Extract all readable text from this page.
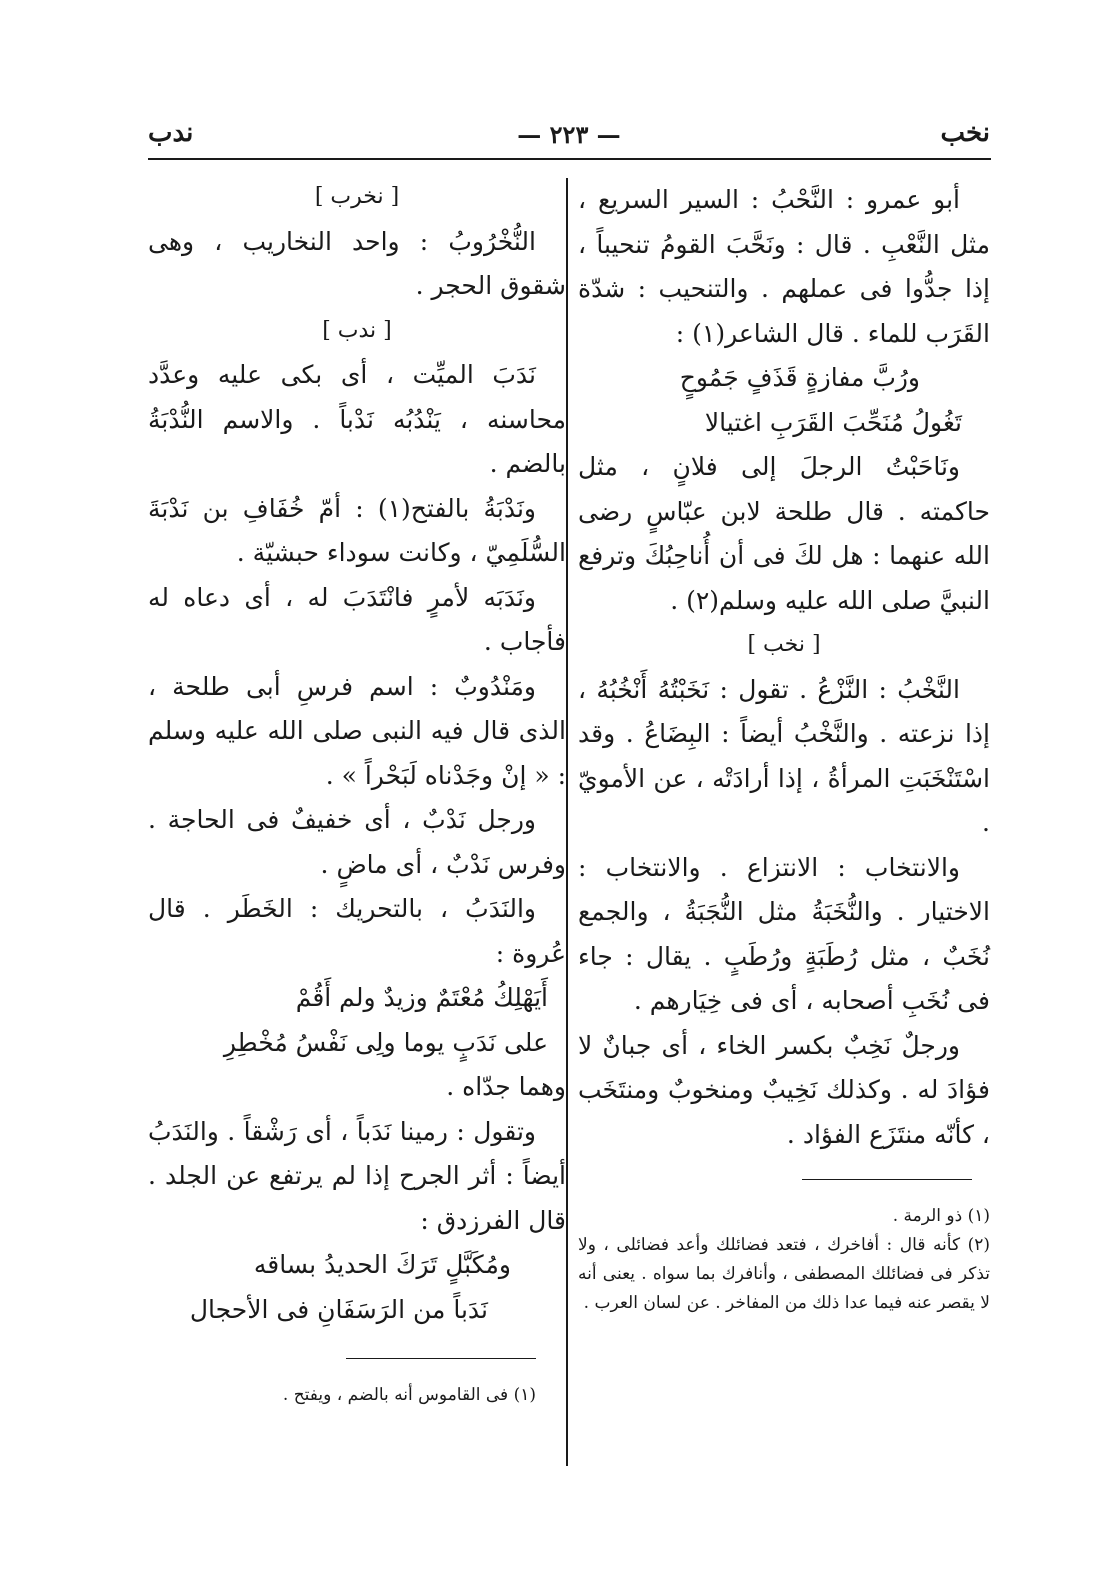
نخب
— ٢٢٣ —
ندب

أبو عمرو : النَّحْبُ : السير السريع ، مثل النَّعْبِ . قال : ونَحَّبَ القومُ تنحيباً ، إذا جدُّوا فى عملهم . والتنحيب : شدّة القَرَب للماء . قال الشاعر(١) :

ورُبَّ مفازةٍ قَذَفٍ جَمُوحٍ

تَغُولُ مُنَحِّبَ القَرَبِ اغتيالا

ونَاحَبْتُ الرجلَ إلى فلانٍ ، مثل حاكمته . قال طلحة لابن عبّاسٍ رضى الله عنهما : هل لكَ فى أن أُناحِبُكَ وترفع النبيَّ صلى الله عليه وسلم(٢) .

[ نخب ]

النَّخْبُ : النَّزْعُ . تقول : نَخَبْتُهُ أَنْخُبُهُ ، إذا نزعته . والنَّخْبُ أيضاً : البِضَاعُ . وقد اسْتَنْخَبَتِ المرأةُ ، إذا أرادَتْه ، عن الأمويّ .

والانتخاب : الانتزاع . والانتخاب : الاختيار . والنُّخَبَةُ مثل النُّجَبَةُ ، والجمع نُخَبٌ ، مثل رُطَبَةٍ ورُطَبٍ . يقال : جاء فى نُخَبِ أصحابه ، أى فى خِيَارهم .

ورجلٌ نَخِبٌ بكسر الخاء ، أى جبانٌ لا فؤادَ له . وكذلك نَخِيبٌ ومنخوبٌ ومنتَخَب ، كأنّه منتَزَع الفؤاد .

(١) ذو الرمة .

(٢) كأنه قال : أفاخرك ، فتعد فضائلك وأعد فضائلى ، ولا تذكر فى فضائلك المصطفى ، وأنافرك بما سواه . يعنى أنه لا يقصر عنه فيما عدا ذلك من المفاخر . عن لسان العرب .

[ نخرب ]

النُّخْرُوبُ : واحد النخاريب ، وهى شقوق الحجر .

[ ندب ]

نَدَبَ الميِّت ، أى بكى عليه وعدَّد محاسنه ، يَنْدُبُه نَدْباً . والاسم النُّدْبَةُ بالضم .

ونَدْبَةُ بالفتح(١) : أمّ خُفَافِ بن نَدْبَةَ السُّلَمِيّ ، وكانت سوداء حبشيّة .

ونَدَبَه لأمرٍ فانْتَدَبَ له ، أى دعاه له فأجاب .

ومَنْدُوبٌ : اسم فرسِ أبى طلحة ، الذى قال فيه النبى صلى الله عليه وسلم : « إنْ وجَدْناه لَبَحْراً » .

ورجل نَدْبٌ ، أى خفيفٌ فى الحاجة . وفرس نَدْبٌ ، أى ماضٍ .

والنَدَبُ ، بالتحريك : الخَطَر . قال عُروة :

أَيَهْلِكُ مُعْتَمٌ وزيدٌ ولم أَقُمْ

على نَدَبٍ يوما ولِى نَفْسُ مُخْطِرِ

وهما جدّاه .

وتقول : رمينا نَدَباً ، أى رَشْقاً . والنَدَبُ أيضاً : أثر الجرح إذا لم يرتفع عن الجلد . قال الفرزدق :

ومُكَبَّلٍ تَرَكَ الحديدُ بساقه

نَدَباً من الرَسَفَانِ فى الأحجال

(١) فى القاموس أنه بالضم ، ويفتح .
